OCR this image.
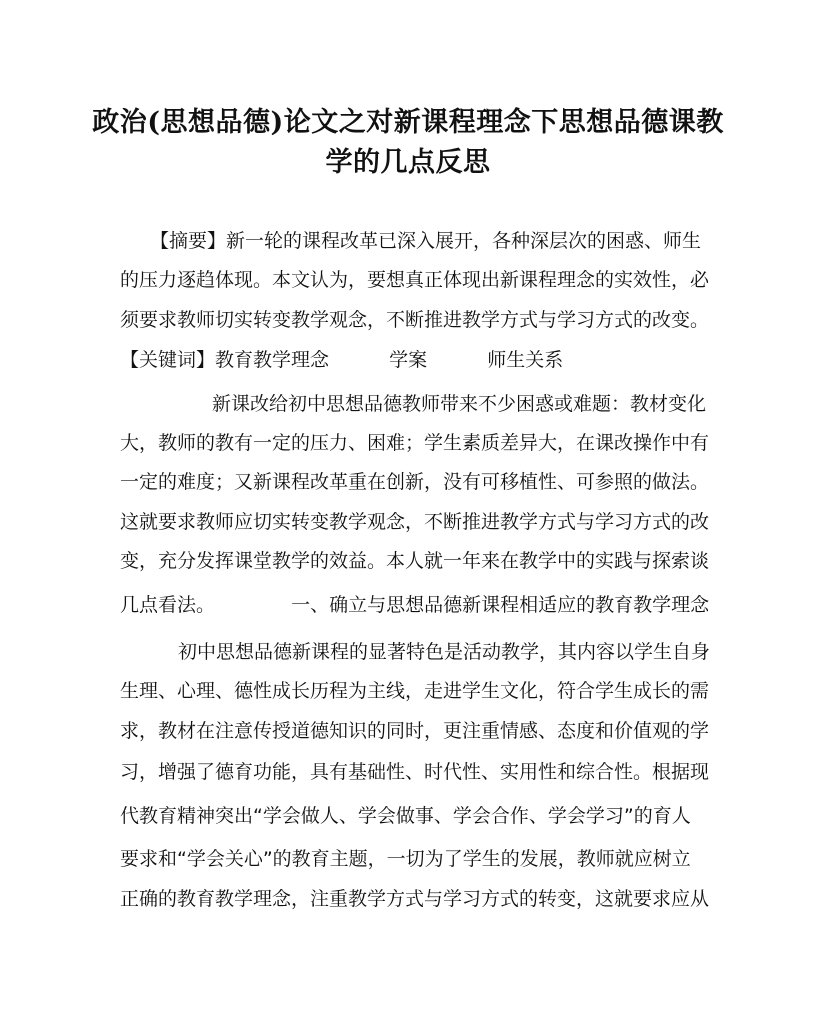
政治(思想品德)论文之对新课程理念下思想品德课教
学的几点反思
【摘要】新一轮的课程改革已深入展开，各种深层次的困惑、师生
的压力逐趋体现。本文认为，要想真正体现出新课程理念的实效性，必
须要求教师切实转变教学观念，不断推进教学方式与学习方式的改变。
【关键词】教育教学理念	学案	师生关系
新课改给初中思想品德教师带来不少困惑或难题：教材变化
大，教师的教有一定的压力、困难；学生素质差异大，在课改操作中有
一定的难度；又新课程改革重在创新，没有可移植性、可参照的做法。
这就要求教师应切实转变教学观念，不断推进教学方式与学习方式的改
变，充分发挥课堂教学的效益。本人就一年来在教学中的实践与探索谈
几点看法。	一、确立与思想品德新课程相适应的教育教学理念
初中思想品德新课程的显著特色是活动教学，其内容以学生自身
生理、心理、德性成长历程为主线，走进学生文化，符合学生成长的需
求，教材在注意传授道德知识的同时，更注重情感、态度和价值观的学
习，增强了德育功能，具有基础性、时代性、实用性和综合性。根据现
代教育精神突出“学会做人、学会做事、学会合作、学会学习”的育人
要求和“学会关心”的教育主题，一切为了学生的发展，教师就应树立
正确的教育教学理念，注重教学方式与学习方式的转变，这就要求应从
